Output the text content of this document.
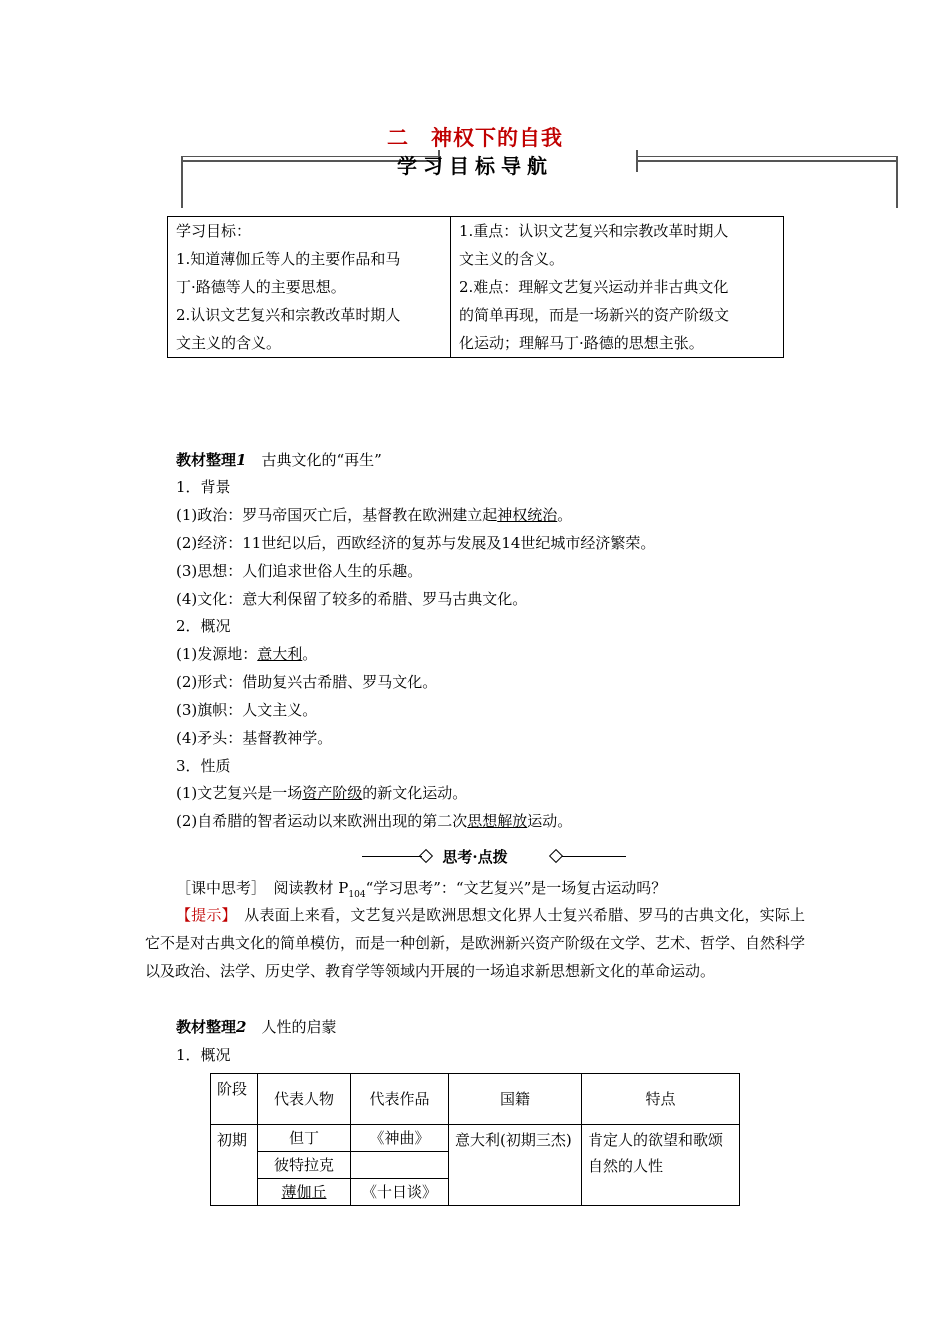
二　神权下的自我
学习目标导航
学习目标：
1.知道薄伽丘等人的主要作品和马
丁·路德等人的主要思想。
2.认识文艺复兴和宗教改革时期人
文主义的含义。

1.重点：认识文艺复兴和宗教改革时期人
文主义的含义。
2.难点：理解文艺复兴运动并非古典文化
的简单再现，而是一场新兴的资产阶级文
化运动；理解马丁·路德的思想主张。
教材整理1　 古典文化的“再生”
1．背景
(1)政治：罗马帝国灭亡后，基督教在欧洲建立起神权统治。
(2)经济：11世纪以后，西欧经济的复苏与发展及14世纪城市经济繁荣。
(3)思想：人们追求世俗人生的乐趣。
(4)文化：意大利保留了较多的希腊、罗马古典文化。
2．概况
(1)发源地：意大利。
(2)形式：借助复兴古希腊、罗马文化。
(3)旗帜：人文主义。
(4)矛头：基督教神学。
3．性质
(1)文艺复兴是一场资产阶级的新文化运动。
(2)自希腊的智者运动以来欧洲出现的第二次思想解放运动。
思考·点拨
［课中思考］　阅读教材 $P_{104}“$学习思考”：“文艺复兴”是一场复古运动吗？
【提示】　从表面上来看，文艺复兴是欧洲思想文化界人士复兴希腊、罗马的古典文化，实际上它不是对古典文化的简单模仿，而是一种创新，是欧洲新兴资产阶级在文学、艺术、哲学、自然科学以及政治、法学、历史学、教育学等领域内开展的一场追求新思想新文化的革命运动。
教材整理2　 人性的启蒙
1．概况
阶段	代表人物	代表作品	国籍	特点
初期	但丁	《神曲》	意大利(初期三杰)	肯定人的欲望和歌颂自然的人性
	彼特拉克			
	薄伽丘	《十日谈》		
